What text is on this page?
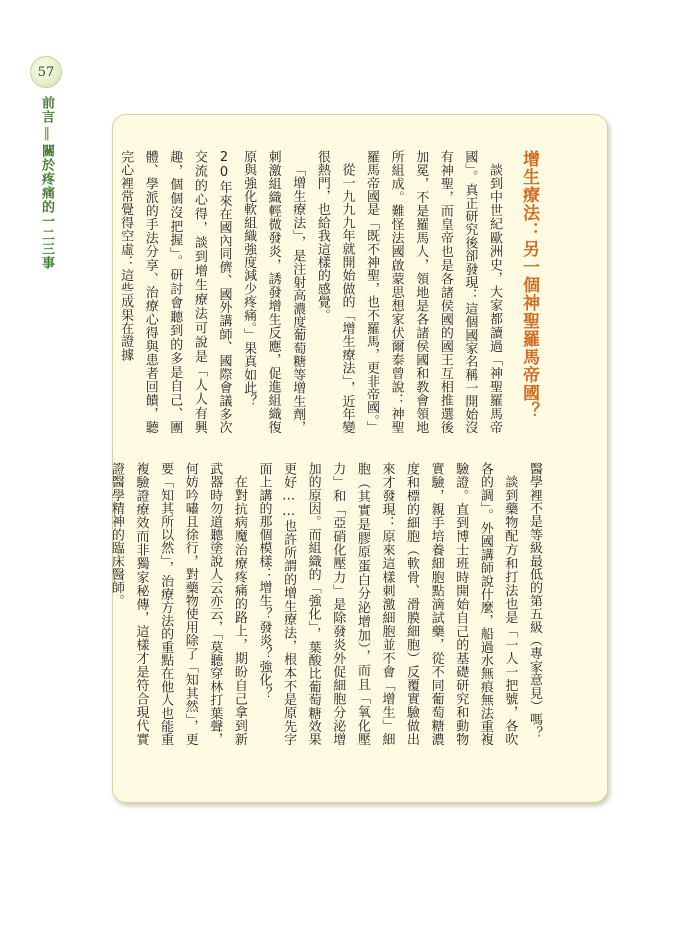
57
前言‖關於疼痛的一二三事	增生療法：另一個神聖羅馬帝國？

談到中世紀歐洲史，大家都讀過「神聖羅馬帝國」。真正研究後卻發現：這個國家名稱一開始沒有神聖，而皇帝也是各諸侯國的國王互相推選後加冕，不是羅馬人，領地是各諸侯國和教會領地所組成。難怪法國啟蒙思想家伏爾泰曾說：神聖羅馬帝國是「既不神聖，也不羅馬，更非帝國。」

從一九九九年就開始做的「增生療法」，近年變很熱門，也給我這樣的感覺。

「增生療法」，是注射高濃度葡萄糖等增生劑，刺激組織輕微發炎，誘發增生反應，促進組織復原與強化軟組織強度減少疼痛。」果真如此？

20年來在國內同儕、國外講師、國際會議多次交流的心得，談到增生療法可說是「人人有興趣，個個沒把握」。研討會聽到的多是自己、團體、學派的手法分享、治療心得與患者回饋，聽完心裡常覺得空虛：這些成果在證據

醫學裡不是等級最低的第五級（專家意見）嗎？

談到藥物配方和打法也是「一人一把號，各吹各的調」。外國講師說什麼，船過水無痕無法重複驗證。直到博士班時開始自己的基礎研究和動物實驗，親手培養細胞點滴試藥，從不同葡萄糖濃度和標的細胞（軟骨、滑膜細胞）反覆實驗做出來才發現：原來這樣刺激細胞並不會「增生」細胞（其實是膠原蛋白分泌增加），而且「氧化壓力」和「亞硝化壓力」是除發炎外促細胞分泌增加的原因。而組織的「強化」，葉酸比葡萄糖效果更好……也許所謂的增生療法，根本不是原先字面上講的那個模樣：增生？發炎？強化？

在對抗病魔治療疼痛的路上，期盼自己拿到新武器時勿道聽塗說人云亦云，「莫聽穿林打葉聲，何妨吟嘯且徐行，對藥物使用除了「知其然」，更要「知其所以然」，治療方法的重點在他人也能重複驗證療效而非獨家秘傳，這樣才是符合現代實證醫學精神的臨床醫師。
